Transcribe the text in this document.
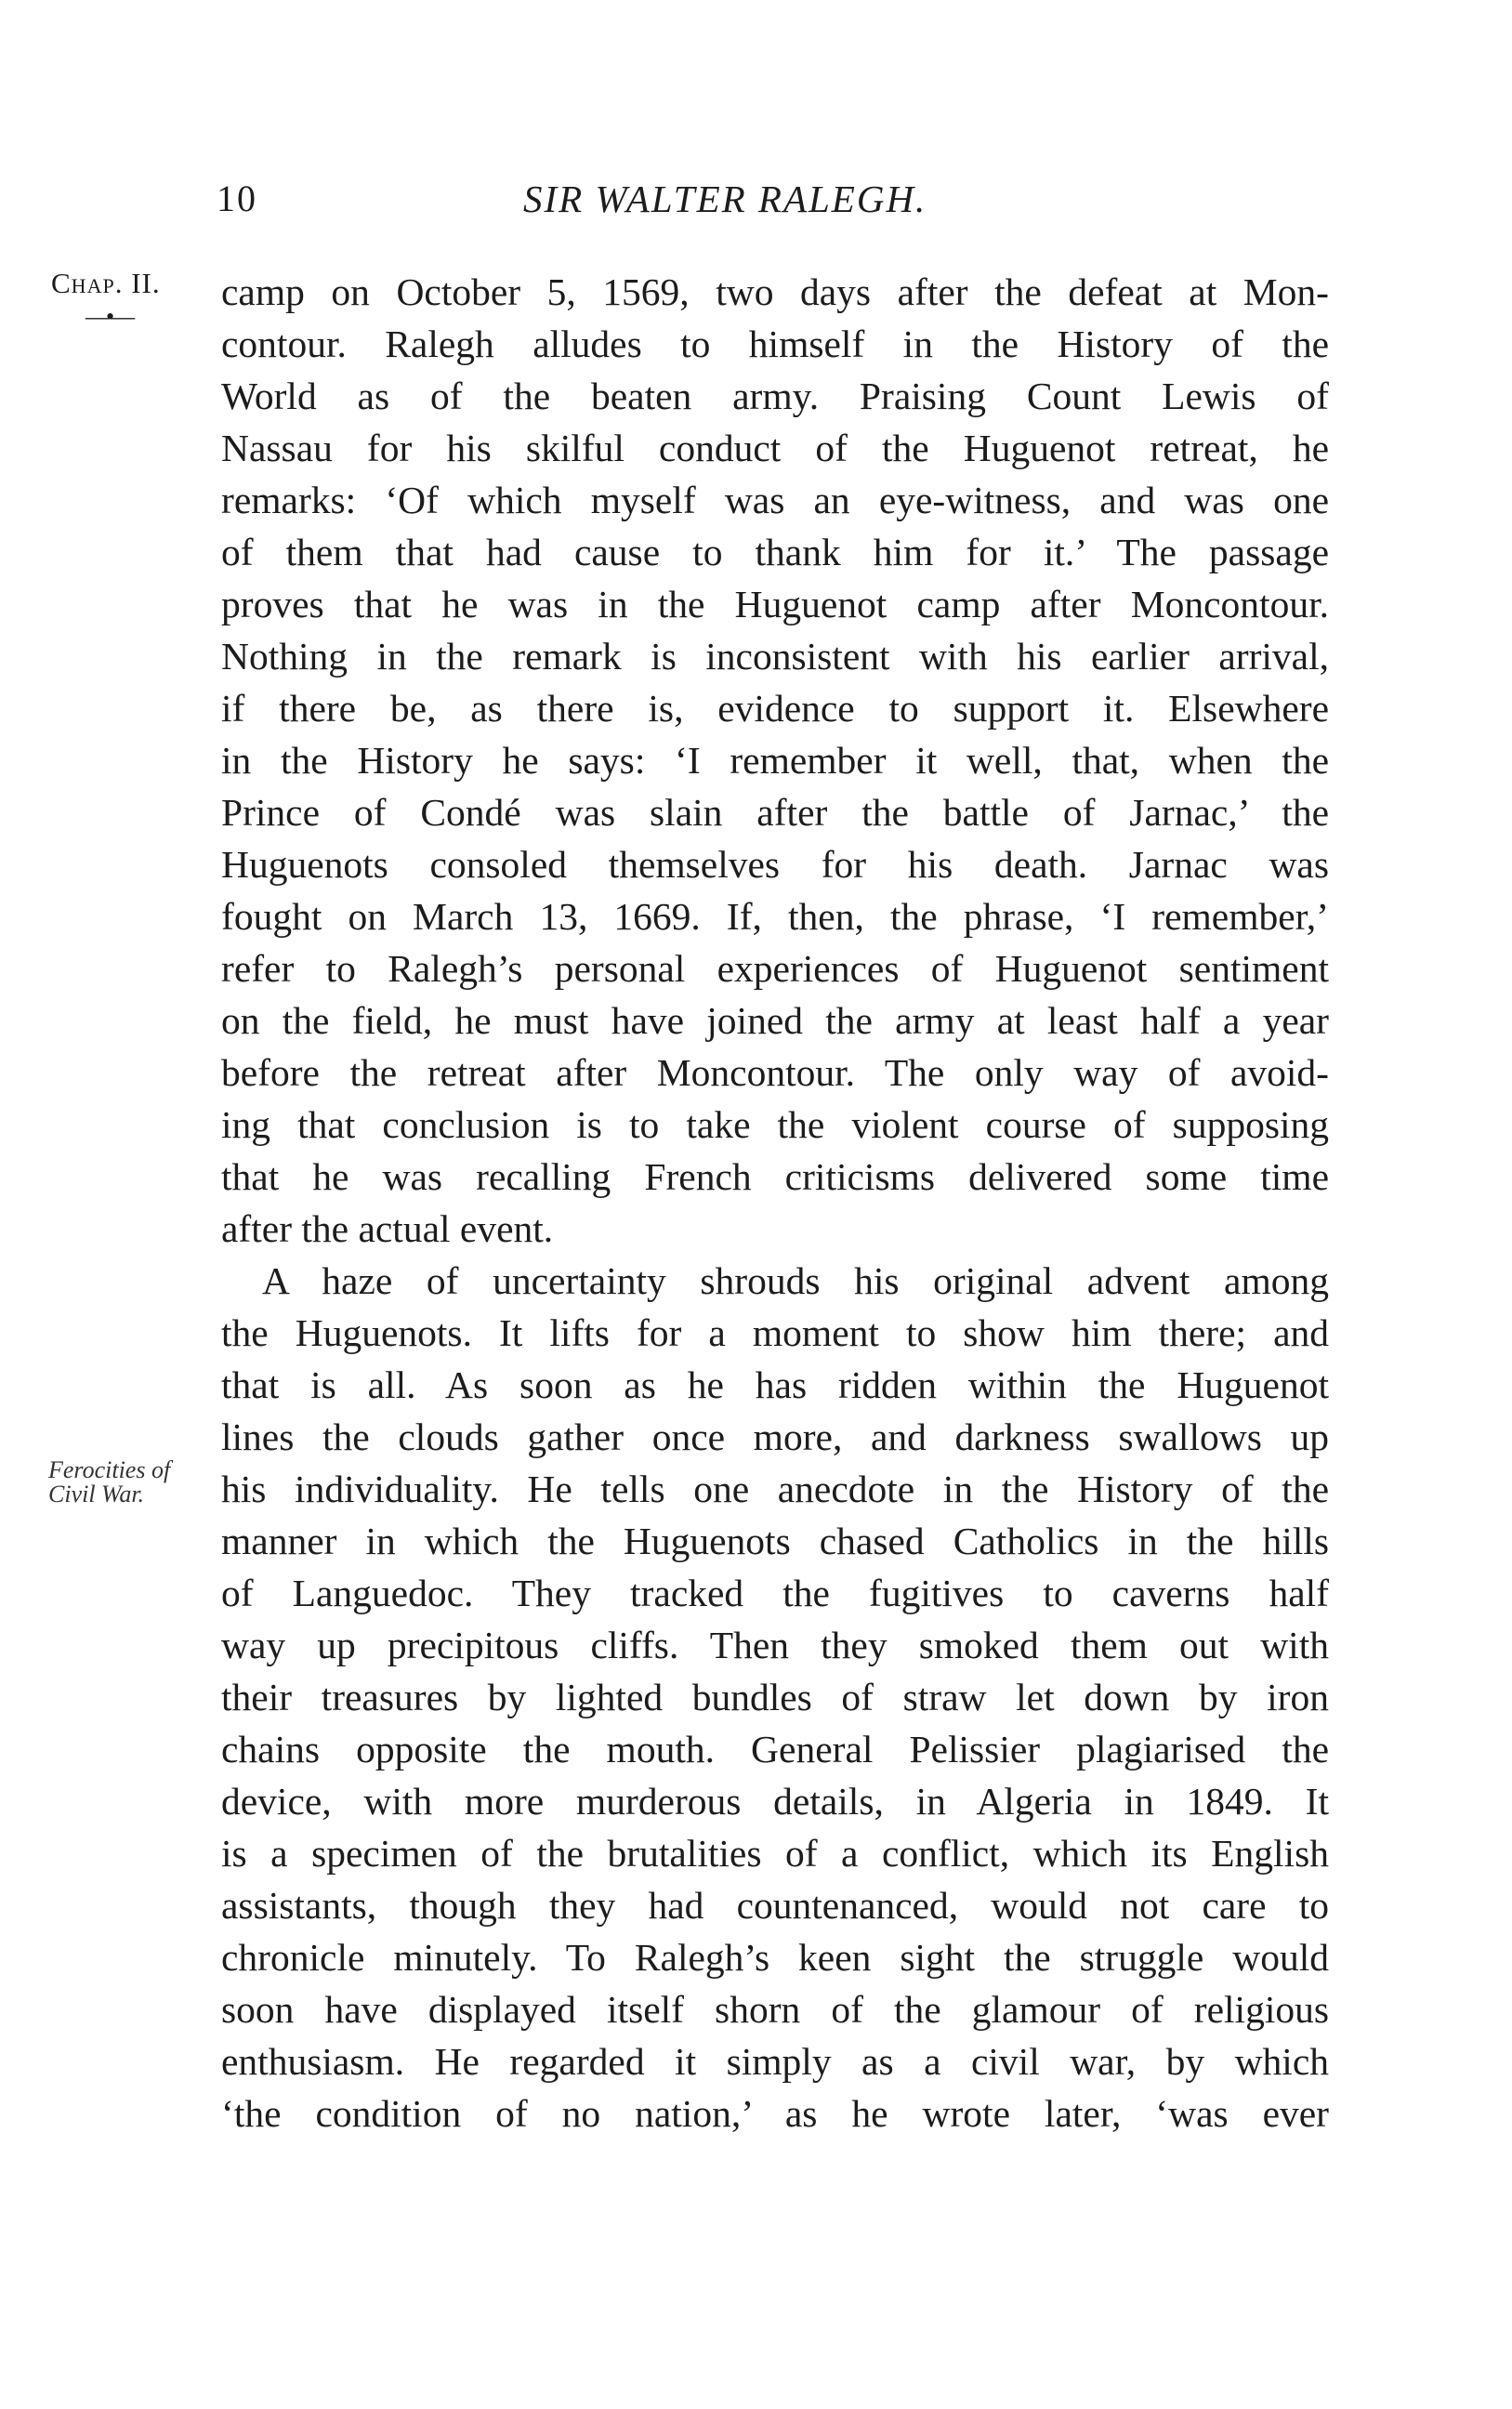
10	SIR WALTER RALEGH.
Chap. II.
—•—
Ferocities of
Civil War.
camp on October 5, 1569, two days after the defeat at Mon-
contour. Ralegh alludes to himself in the History of the
World as of the beaten army. Praising Count Lewis of
Nassau for his skilful conduct of the Huguenot retreat, he
remarks: ‘Of which myself was an eye-witness, and was one
of them that had cause to thank him for it.’ The passage
proves that he was in the Huguenot camp after Moncontour.
Nothing in the remark is inconsistent with his earlier arrival,
if there be, as there is, evidence to support it. Elsewhere
in the History he says: ‘I remember it well, that, when the
Prince of Condé was slain after the battle of Jarnac,’ the
Huguenots consoled themselves for his death. Jarnac was
fought on March 13, 1669. If, then, the phrase, ‘I remember,’
refer to Ralegh’s personal experiences of Huguenot sentiment
on the field, he must have joined the army at least half a year
before the retreat after Moncontour. The only way of avoid-
ing that conclusion is to take the violent course of supposing
that he was recalling French criticisms delivered some time
after the actual event.
A haze of uncertainty shrouds his original advent among
the Huguenots. It lifts for a moment to show him there; and
that is all. As soon as he has ridden within the Huguenot
lines the clouds gather once more, and darkness swallows up
his individuality. He tells one anecdote in the History of the
manner in which the Huguenots chased Catholics in the hills
of Languedoc. They tracked the fugitives to caverns half
way up precipitous cliffs. Then they smoked them out with
their treasures by lighted bundles of straw let down by iron
chains opposite the mouth. General Pelissier plagiarised the
device, with more murderous details, in Algeria in 1849. It
is a specimen of the brutalities of a conflict, which its English
assistants, though they had countenanced, would not care to
chronicle minutely. To Ralegh’s keen sight the struggle would
soon have displayed itself shorn of the glamour of religious
enthusiasm. He regarded it simply as a civil war, by which
‘the condition of no nation,’ as he wrote later, ‘was ever
